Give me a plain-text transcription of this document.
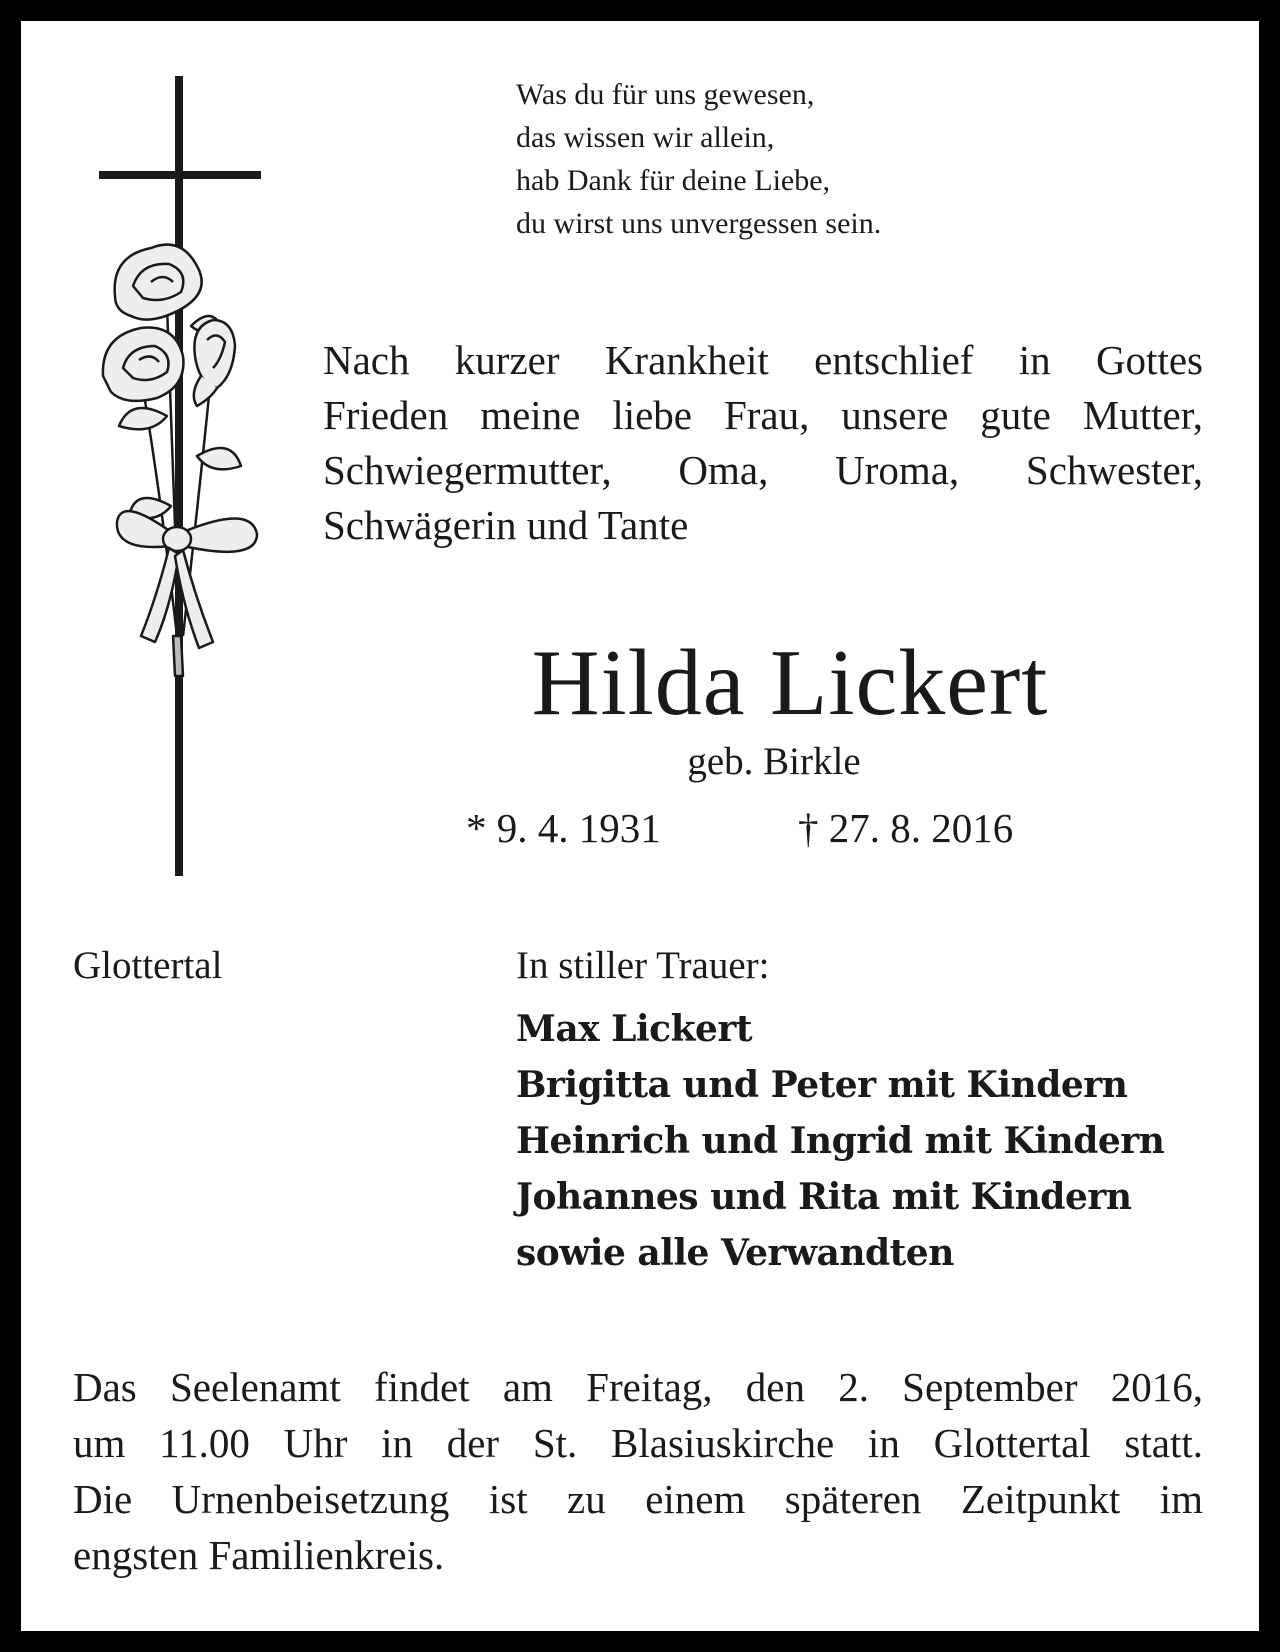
Was du für uns gewesen,
das wissen wir allein,
hab Dank für deine Liebe,
du wirst uns unvergessen sein.
Nach kurzer Krankheit entschlief in Gottes
Frieden meine liebe Frau, unsere gute Mutter,
Schwiegermutter, Oma, Uroma, Schwester,
Schwägerin und Tante
Hilda Lickert
geb. Birkle
* 9. 4. 1931	† 27. 8. 2016
Glottertal	In stiller Trauer:
Max Lickert
Brigitta und Peter mit Kindern
Heinrich und Ingrid mit Kindern
Johannes und Rita mit Kindern
sowie alle Verwandten
Das Seelenamt findet am Freitag, den 2. September 2016,
um 11.00 Uhr in der St. Blasiuskirche in Glottertal statt.
Die Urnenbeisetzung ist zu einem späteren Zeitpunkt im
engsten Familienkreis.
